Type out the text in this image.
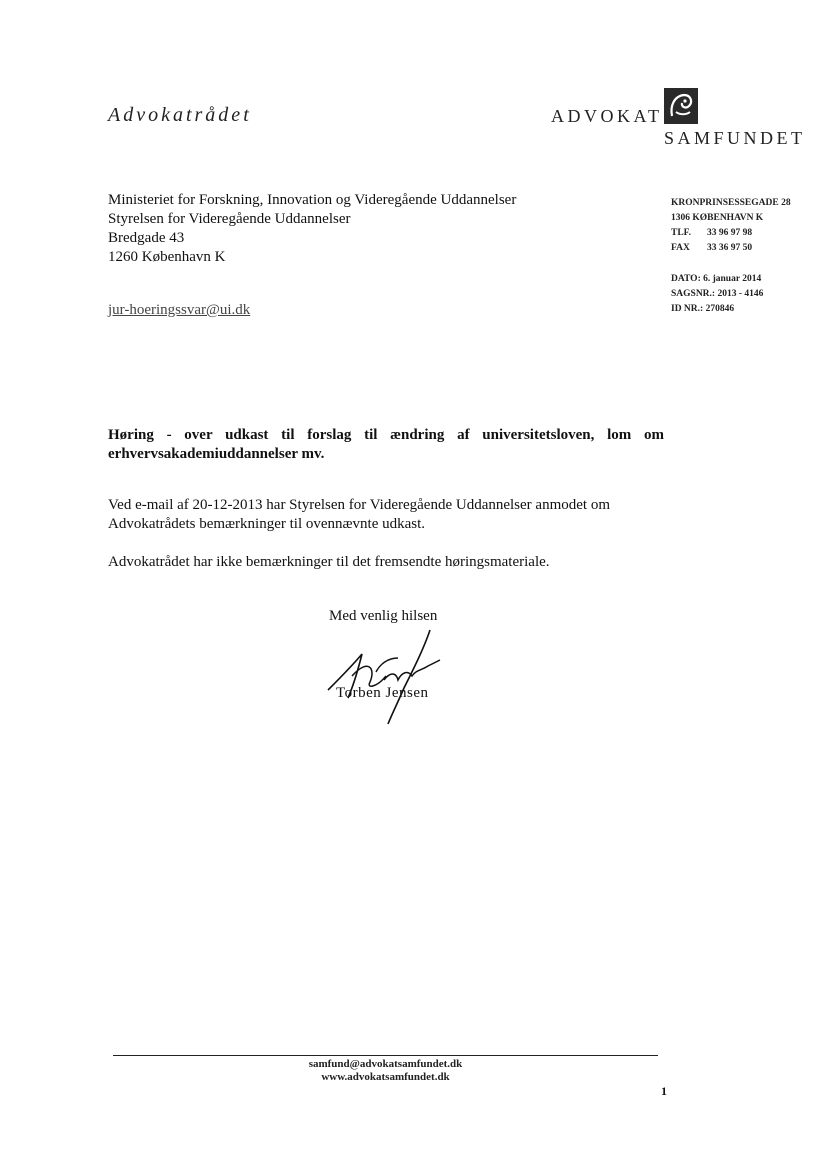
Advokatrådet	ADVOKAT
SAMFUNDET
Ministeriet for Forskning, Innovation og Videregående Uddannelser
Styrelsen for Videregående Uddannelser
Bredgade 43
1260 København K
jur-hoeringssvar@ui.dk
KRONPRINSESSEGADE 28
1306 KØBENHAVN K
TLF. 33 96 97 98
FAX 33 36 97 50
DATO: 6. januar 2014
SAGSNR.: 2013 - 4146
ID NR.: 270846
Høring - over udkast til forslag til ændring af universitetsloven, lom om erhvervsakademiuddannelser mv.
Ved e-mail af 20-12-2013 har Styrelsen for Videregående Uddannelser anmodet om Advokatrådets bemærkninger til ovennævnte udkast.
Advokatrådet har ikke bemærkninger til det fremsendte høringsmateriale.
Med venlig hilsen
Torben Jensen
samfund@advokatsamfundet.dk
www.advokatsamfundet.dk
1
